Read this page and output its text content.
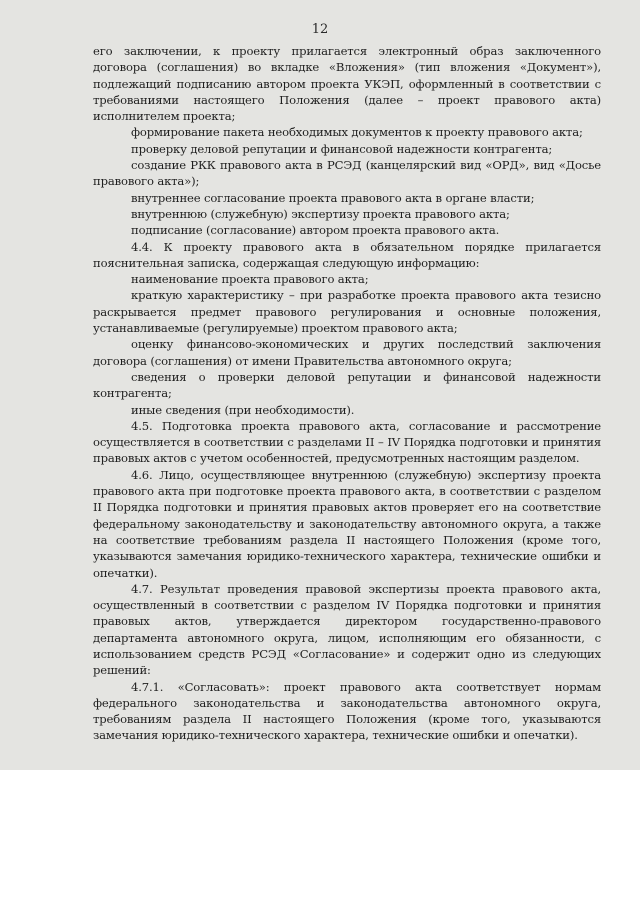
12

его заключении, к проекту прилагается электронный образ заключенного договора (соглашения) во вкладке «Вложения» (тип вложения «Документ»), подлежащий подписанию автором проекта УКЭП, оформленный в соответствии с требованиями настоящего Положения (далее – проект правового акта) исполнителем проекта;

формирование пакета необходимых документов к проекту правового акта;

проверку деловой репутации и финансовой надежности контрагента;

создание РКК правового акта в РСЭД (канцелярский вид «ОРД», вид «Досье правового акта»);

внутреннее согласование проекта правового акта в органе власти;

внутреннюю (служебную) экспертизу проекта правового акта;

подписание (согласование) автором проекта правового акта.

4.4. К проекту правового акта в обязательном порядке прилагается пояснительная записка, содержащая следующую информацию:

наименование проекта правового акта;

краткую характеристику – при разработке проекта правового акта тезисно раскрывается предмет правового регулирования и основные положения, устанавливаемые (регулируемые) проектом правового акта;

оценку финансово-экономических и других последствий заключения договора (соглашения) от имени Правительства автономного округа;

сведения о проверки деловой репутации и финансовой надежности контрагента;

иные сведения (при необходимости).

4.5. Подготовка проекта правового акта, согласование и рассмотрение осуществляется в соответствии с разделами II – IV Порядка подготовки и принятия правовых актов с учетом особенностей, предусмотренных настоящим разделом.

4.6. Лицо, осуществляющее внутреннюю (служебную) экспертизу проекта правового акта при подготовке проекта правового акта, в соответствии с разделом II Порядка подготовки и принятия правовых актов проверяет его на соответствие федеральному законодательству и законодательству автономного округа, а также на соответствие требованиям раздела II настоящего Положения (кроме того, указываются замечания юридико-технического характера, технические ошибки и опечатки).

4.7. Результат проведения правовой экспертизы проекта правового акта, осуществленный в соответствии с разделом IV Порядка подготовки и принятия правовых актов, утверждается директором государственно-правового департамента автономного округа, лицом, исполняющим его обязанности, с использованием средств РСЭД «Согласование» и содержит одно из следующих решений:

4.7.1. «Согласовать»: проект правового акта соответствует нормам федерального законодательства и законодательства автономного округа, требованиям раздела II настоящего Положения (кроме того, указываются замечания юридико-технического характера, технические ошибки и опечатки).
